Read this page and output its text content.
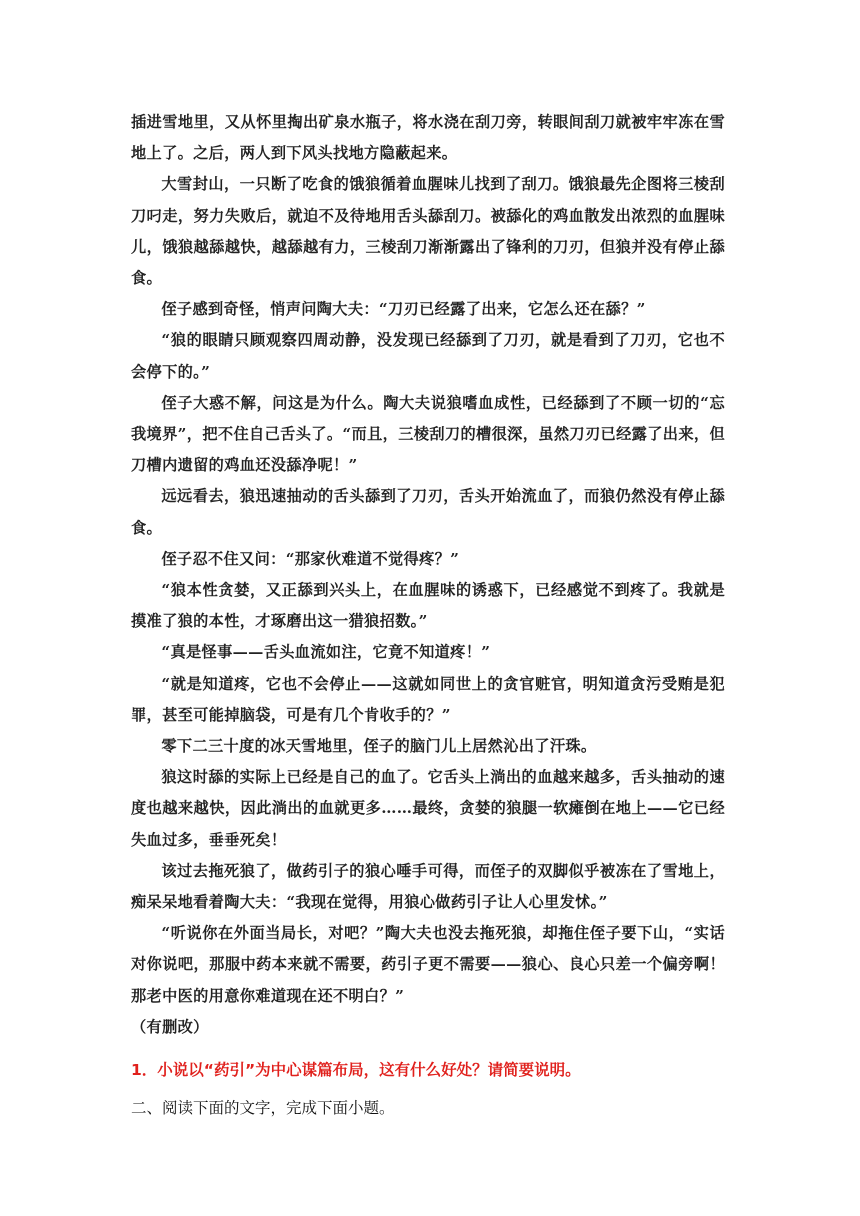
插进雪地里，又从怀里掏出矿泉水瓶子，将水浇在刮刀旁，转眼间刮刀就被牢牢冻在雪地上了。之后，两人到下风头找地方隐蔽起来。

大雪封山，一只断了吃食的饿狼循着血腥味儿找到了刮刀。饿狼最先企图将三棱刮刀叼走，努力失败后，就迫不及待地用舌头舔刮刀。被舔化的鸡血散发出浓烈的血腥味儿，饿狼越舔越快，越舔越有力，三棱刮刀渐渐露出了锋利的刀刃，但狼并没有停止舔食。

侄子感到奇怪，悄声问陶大夫：“刀刃已经露了出来，它怎么还在舔？”

“狼的眼睛只顾观察四周动静，没发现已经舔到了刀刃，就是看到了刀刃，它也不会停下的。”

侄子大惑不解，问这是为什么。陶大夫说狼嗜血成性，已经舔到了不顾一切的“忘我境界”，把不住自己舌头了。“而且，三棱刮刀的槽很深，虽然刀刃已经露了出来，但刀槽内遗留的鸡血还没舔净呢！”

远远看去，狼迅速抽动的舌头舔到了刀刃，舌头开始流血了，而狼仍然没有停止舔食。

侄子忍不住又问：“那家伙难道不觉得疼？”

“狼本性贪婪，又正舔到兴头上，在血腥味的诱惑下，已经感觉不到疼了。我就是摸准了狼的本性，才琢磨出这一猎狼招数。”

“真是怪事——舌头血流如注，它竟不知道疼！”

“就是知道疼，它也不会停止——这就如同世上的贪官赃官，明知道贪污受贿是犯罪，甚至可能掉脑袋，可是有几个肯收手的？”

零下二三十度的冰天雪地里，侄子的脑门儿上居然沁出了汗珠。

狼这时舔的实际上已经是自己的血了。它舌头上淌出的血越来越多，舌头抽动的速度也越来越快，因此淌出的血就更多……最终，贪婪的狼腿一软瘫倒在地上——它已经失血过多，垂垂死矣！

该过去拖死狼了，做药引子的狼心唾手可得，而侄子的双脚似乎被冻在了雪地上，痴呆呆地看着陶大夫：“我现在觉得，用狼心做药引子让人心里发怵。”

“听说你在外面当局长，对吧？”陶大夫也没去拖死狼，却拖住侄子要下山，“实话对你说吧，那服中药本来就不需要，药引子更不需要——狼心、良心只差一个偏旁啊！那老中医的用意你难道现在还不明白？”

（有删改）

1．小说以“药引”为中心谋篇布局，这有什么好处？请简要说明。

二、阅读下面的文字，完成下面小题。
